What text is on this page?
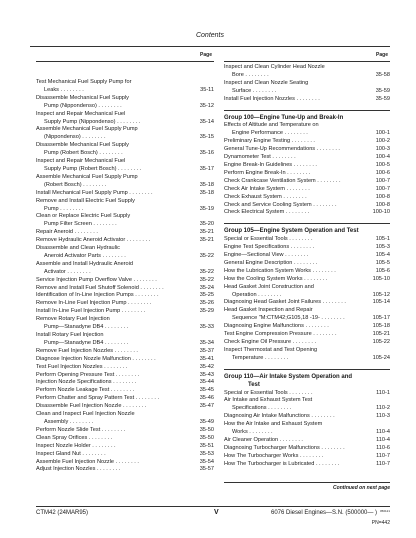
Contents
Page
Test Mechanical Fuel Supply Pump for
Leaks . . . . . . . .	35-11
Disassemble Mechanical Fuel Supply
Pump (Nippondenso) . . . . . . . .	35-12
Inspect and Repair Mechanical Fuel
Supply Pump (Nippondenso) . . . . . . . .	35-14
Assemble Mechanical Fuel Supply Pump
(Nippondenso) . . . . . . . .	35-15
Disassemble Mechanical Fuel Supply
Pump (Robert Bosch) . . . . . . . .	35-16
Inspect and Repair Mechanical Fuel
Supply Pump (Robert Bosch) . . . . . . . .	35-17
Assemble Mechanical Fuel Supply Pump
(Robert Bosch) . . . . . . . .	35-18
Install Mechanical Fuel Supply Pump . . . . . . . .	35-18
Remove and Install Electric Fuel Supply
Pump . . . . . . . .	35-19
Clean or Replace Electric Fuel Supply
Pump Filter Screen . . . . . . . .	35-20
Repair Aneroid . . . . . . . .	35-21
Remove Hydraulic Aneroid Activator . . . . . . . .	35-21
Disassemble and Clean Hydraulic
Aneroid Activator Parts . . . . . . . .	35-22
Assemble and Install Hydraulic Aneroid
Activator . . . . . . . .	35-22
Service Injection Pump Overflow Valve . . . . . . . .	35-22
Remove and Install Fuel Shutoff Solenoid . . . . . . . .	35-24
Identification of In-Line Injection Pumps . . . . . . . .	35-25
Remove In-Line Fuel Injection Pump . . . . . . . .	35-26
Install In-Line Fuel Injection Pump . . . . . . . .	35-29
Remove Rotary Fuel Injection
Pump—Stanadyne DB4 . . . . . . . .	35-33
Install Rotary Fuel Injection
Pump—Stanadyne DB4 . . . . . . . .	35-34
Remove Fuel Injection Nozzles . . . . . . . .	35-37
Diagnose Injection Nozzle Malfunction . . . . . . . .	35-41
Test Fuel Injection Nozzles . . . . . . . .	35-42
Perform Opening Pressure Test . . . . . . . .	35-43
Injection Nozzle Specifications . . . . . . . .	35-44
Perform Nozzle Leakage Test . . . . . . . .	35-45
Perform Chatter and Spray Pattern Test . . . . . . . .	35-46
Disassemble Fuel Injection Nozzle . . . . . . . .	35-47
Clean and Inspect Fuel Injection Nozzle
Assembly . . . . . . . .	35-49
Perform Nozzle Slide Test . . . . . . . .	35-50
Clean Spray Orifices . . . . . . . .	35-50
Inspect Nozzle Holder . . . . . . . .	35-51
Inspect Gland Nut . . . . . . . .	35-53
Assemble Fuel Injection Nozzle . . . . . . . .	35-54
Adjust Injection Nozzles . . . . . . . .	35-57
Page
Inspect and Clean Cylinder Head Nozzle
Bore . . . . . . . .	35-58
Inspect and Clean Nozzle Seating
Surface . . . . . . . .	35-59
Install Fuel Injection Nozzles . . . . . . . .	35-59
Group 100—Engine Tune-Up and Break-In
Effects of Altitude and Temperature on
Engine Performance . . . . . . . .	100-1
Preliminary Engine Testing . . . . . . . .	100-2
General Tune-Up Recommendations . . . . . . . .	100-3
Dynamometer Test . . . . . . . .	100-4
Engine Break-In Guidelines . . . . . . . .	100-5
Perform Engine Break-In . . . . . . . .	100-6
Check Crankcase Ventilation System . . . . . . . .	100-7
Check Air Intake System . . . . . . . .	100-7
Check Exhaust System . . . . . . . .	100-8
Check and Service Cooling System . . . . . . . .	100-8
Check Electrical System . . . . . . . .	100-10
Group 105—Engine System Operation and Test
Special or Essential Tools . . . . . . . .	105-1
Engine Test Specifications . . . . . . . .	105-3
Engine—Sectional View . . . . . . . .	105-4
General Engine Description . . . . . . . .	105-5
How the Lubrication System Works . . . . . . . .	105-6
How the Cooling System Works . . . . . . . .	105-10
Head Gasket Joint Construction and
Operation . . . . . . . .	105-12
Diagnosing Head Gasket Joint Failures . . . . . . . .	105-14
Head Gasket Inspection and Repair
Sequence "M:CTM42;G105,18 -19- . . . . . . . .	105-17
Diagnosing Engine Malfunctions . . . . . . . .	105-18
Test Engine Compression Pressure . . . . . . . .	105-21
Check Engine Oil Pressure . . . . . . . .	105-22
Inspect Thermostat and Test Opening
Temperature . . . . . . . .	105-24
Group 110—Air Intake System Operation and
Test
Special or Essential Tools . . . . . . . .	110-1
Air Intake and Exhaust System Test
Specifications . . . . . . . .	110-2
Diagnosing Air Intake Malfunctions . . . . . . . .	110-3
How the Air Intake and Exhaust System
Works . . . . . . . .	110-4
Air Cleaner Operation . . . . . . . .	110-4
Diagnosing Turbocharger Malfunctions . . . . . . . .	110-6
How The Turbocharger Works . . . . . . . .	110-7
How The Turbocharger is Lubricated . . . . . . . .	110-7
Continued on next page
CTM42 (24MAR95)	V	6076 Diesel Engines—S.N. (500000— ) 050121
PN=442
